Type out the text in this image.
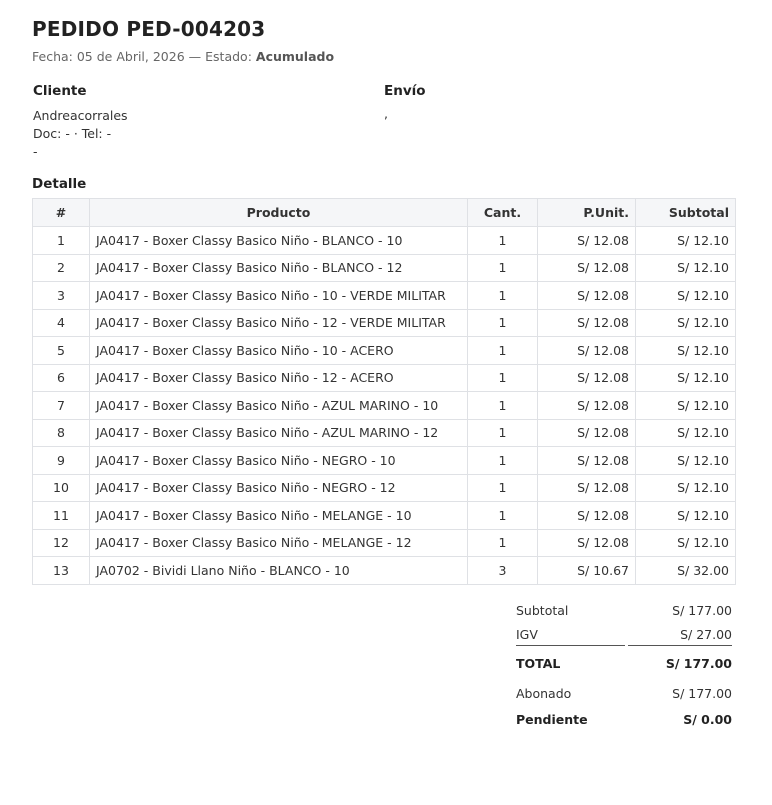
PEDIDO PED-004203
Fecha: 05 de Abril, 2026 — Estado: Acumulado
Cliente
Andreacorrales
Doc: - · Tel: -
-
Envío
,
Detalle
#	Producto	Cant.	P.Unit.	Subtotal
1	JA0417 - Boxer Classy Basico Niño - BLANCO - 10	1	S/ 12.08	S/ 12.10
2	JA0417 - Boxer Classy Basico Niño - BLANCO - 12	1	S/ 12.08	S/ 12.10
3	JA0417 - Boxer Classy Basico Niño - 10 - VERDE MILITAR	1	S/ 12.08	S/ 12.10
4	JA0417 - Boxer Classy Basico Niño - 12 - VERDE MILITAR	1	S/ 12.08	S/ 12.10
5	JA0417 - Boxer Classy Basico Niño - 10 - ACERO	1	S/ 12.08	S/ 12.10
6	JA0417 - Boxer Classy Basico Niño - 12 - ACERO	1	S/ 12.08	S/ 12.10
7	JA0417 - Boxer Classy Basico Niño - AZUL MARINO - 10	1	S/ 12.08	S/ 12.10
8	JA0417 - Boxer Classy Basico Niño - AZUL MARINO - 12	1	S/ 12.08	S/ 12.10
9	JA0417 - Boxer Classy Basico Niño - NEGRO - 10	1	S/ 12.08	S/ 12.10
10	JA0417 - Boxer Classy Basico Niño - NEGRO - 12	1	S/ 12.08	S/ 12.10
11	JA0417 - Boxer Classy Basico Niño - MELANGE - 10	1	S/ 12.08	S/ 12.10
12	JA0417 - Boxer Classy Basico Niño - MELANGE - 12	1	S/ 12.08	S/ 12.10
13	JA0702 - Bividi Llano Niño - BLANCO - 10	3	S/ 10.67	S/ 32.00
Subtotal	S/ 177.00
IGV	S/ 27.00
TOTAL	S/ 177.00
Abonado	S/ 177.00
Pendiente	S/ 0.00
